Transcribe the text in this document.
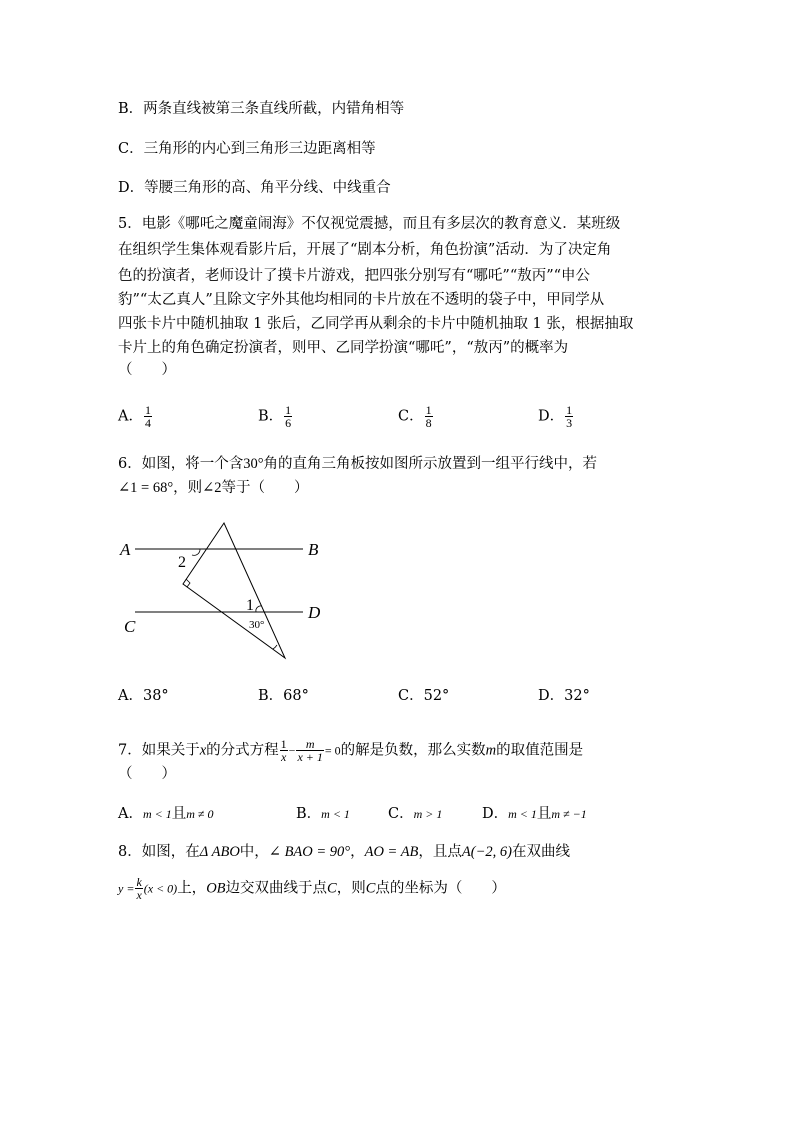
B．两条直线被第三条直线所截，内错角相等
C．三角形的内心到三角形三边距离相等
D．等腰三角形的高、角平分线、中线重合
5．电影《哪吒之魔童闹海》不仅视觉震撼，而且有多层次的教育意义．某班级
在组织学生集体观看影片后，开展了“剧本分析，角色扮演”活动．为了决定角
色的扮演者，老师设计了摸卡片游戏，把四张分别写有“哪吒”“敖丙”“申公
豹”“太乙真人”且除文字外其他均相同的卡片放在不透明的袋子中，甲同学从
四张卡片中随机抽取 1 张后，乙同学再从剩余的卡片中随机抽取 1 张，根据抽取
卡片上的角色确定扮演者，则甲、乙同学扮演“哪吒”，“敖丙”的概率为
（　　）
A． $\frac{1}{4}$	B． $\frac{1}{6}$	C． $\frac{1}{8}$	D． $\frac{1}{3}$
6．如图，将一个含30°角的直角三角板按如图所示放置到一组平行线中，若
∠1 = 68°，则∠2等于（　　）
A	B
C
D
2
1
30°
A．38°	B．68°	C．52°	D．32°
7．如果关于x的分式方程 $\frac{1}{x} - \frac{m}{x + 1} = 0$的解是负数，那么实数m的取值范围是
（　　）
A．m < 1且m ≠ 0	B．m < 1	C．m > 1	D．m < 1且m ≠ −1
8．如图，在Δ ABO中，∠ BAO = 90°，AO = AB，且点A(−2, 6)在双曲线
$y = \frac{k}{x} (x < 0)$上，OB边交双曲线于点C，则C点的坐标为（　　）
